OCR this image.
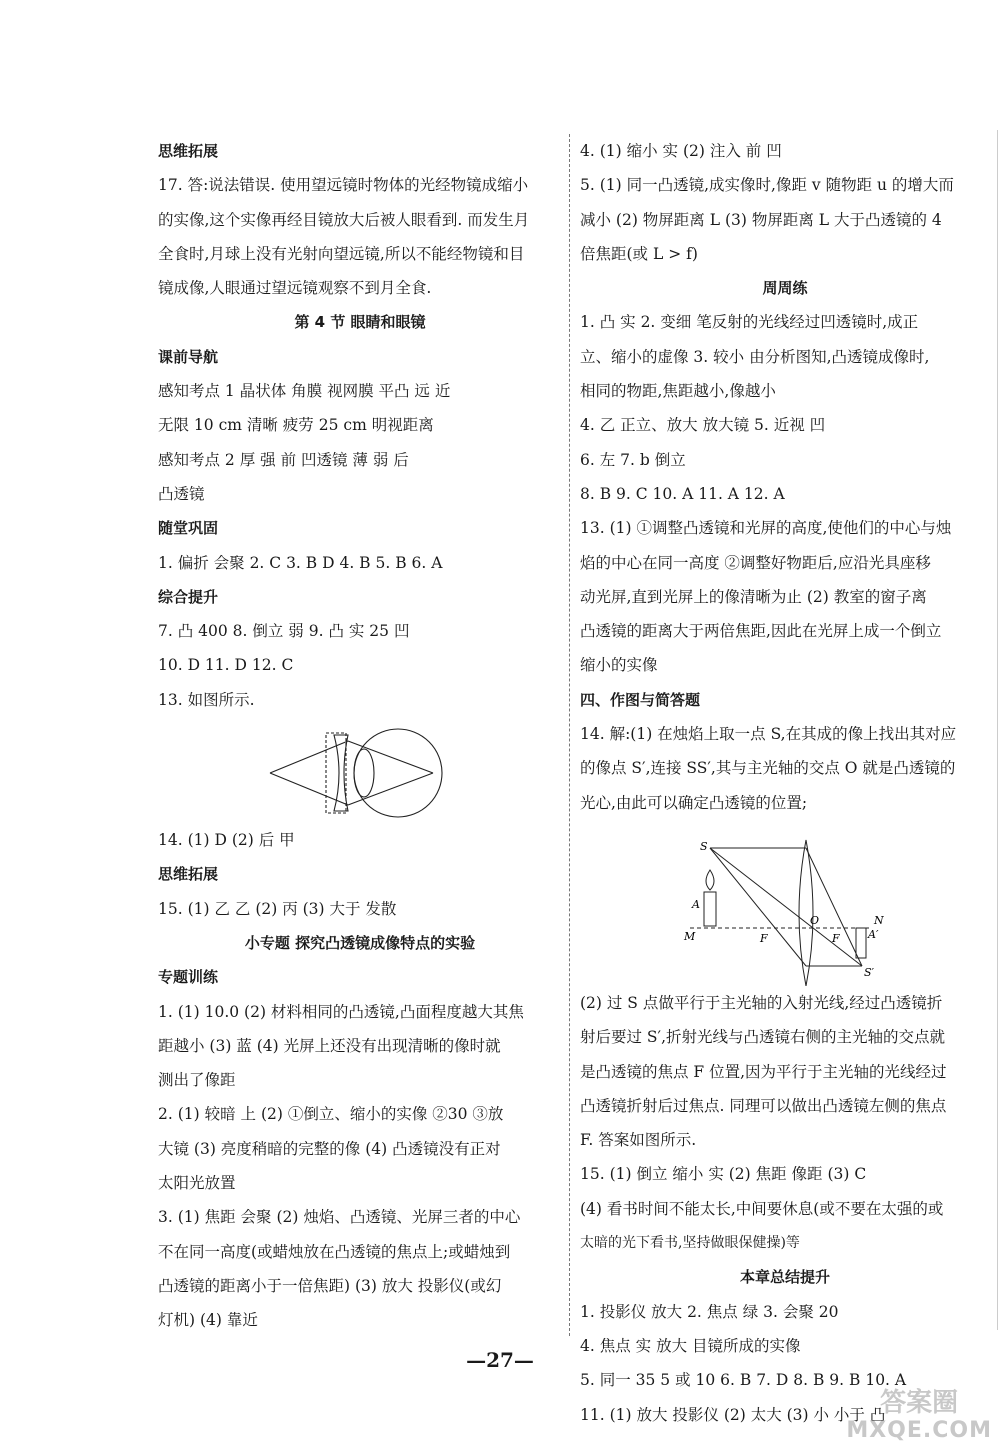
思维拓展
17. 答:说法错误. 使用望远镜时物体的光经物镜成缩小
的实像,这个实像再经目镜放大后被人眼看到. 而发生月
全食时,月球上没有光射向望远镜,所以不能经物镜和目
镜成像,人眼通过望远镜观察不到月全食.
第 4 节 眼睛和眼镜
课前导航
感知考点 1 晶状体 角膜 视网膜 平凸 远 近
无限 10 cm 清晰 疲劳 25 cm 明视距离
感知考点 2 厚 强 前 凹透镜 薄 弱 后
凸透镜
随堂巩固
1. 偏折 会聚 2. C 3. B D 4. B 5. B 6. A
综合提升
7. 凸 400 8. 倒立 弱 9. 凸 实 25 凹
10. D 11. D 12. C
13. 如图所示.
14. (1) D (2) 后 甲
思维拓展
15. (1) 乙 乙 (2) 丙 (3) 大于 发散
小专题 探究凸透镜成像特点的实验
专题训练
1. (1) 10.0 (2) 材料相同的凸透镜,凸面程度越大其焦
距越小 (3) 蓝 (4) 光屏上还没有出现清晰的像时就
测出了像距
2. (1) 较暗 上 (2) ①倒立、缩小的实像 ②30 ③放
大镜 (3) 亮度稍暗的完整的像 (4) 凸透镜没有正对
太阳光放置
3. (1) 焦距 会聚 (2) 烛焰、凸透镜、光屏三者的中心
不在同一高度(或蜡烛放在凸透镜的焦点上;或蜡烛到
凸透镜的距离小于一倍焦距) (3) 放大 投影仪(或幻
灯机) (4) 靠近
4. (1) 缩小 实 (2) 注入 前 凹
5. (1) 同一凸透镜,成实像时,像距 v 随物距 u 的增大而
减小 (2) 物屏距离 L (3) 物屏距离 L 大于凸透镜的 4
倍焦距(或 L > f)
周周练
1. 凸 实 2. 变细 笔反射的光线经过凹透镜时,成正
立、缩小的虚像 3. 较小 由分析图知,凸透镜成像时,
相同的物距,焦距越小,像越小
4. 乙 正立、放大 放大镜 5. 近视 凹
6. 左 7. b 倒立
8. B 9. C 10. A 11. A 12. A
13. (1) ①调整凸透镜和光屏的高度,使他们的中心与烛
焰的中心在同一高度 ②调整好物距后,应沿光具座移
动光屏,直到光屏上的像清晰为止 (2) 教室的窗子离
凸透镜的距离大于两倍焦距,因此在光屏上成一个倒立
缩小的实像
四、作图与简答题
14. 解:(1) 在烛焰上取一点 S,在其成的像上找出其对应
的像点 S′,连接 SS′,其与主光轴的交点 O 就是凸透镜的
光心,由此可以确定凸透镜的位置;
S
A
M	F
O
F	A′
N
S′
(2) 过 S 点做平行于主光轴的入射光线,经过凸透镜折
射后要过 S′,折射光线与凸透镜右侧的主光轴的交点就
是凸透镜的焦点 F 位置,因为平行于主光轴的光线经过
凸透镜折射后过焦点. 同理可以做出凸透镜左侧的焦点
F. 答案如图所示.
15. (1) 倒立 缩小 实 (2) 焦距 像距 (3) C
(4) 看书时间不能太长,中间要休息(或不要在太强的或
太暗的光下看书,坚持做眼保健操)等
本章总结提升
1. 投影仪 放大 2. 焦点 绿 3. 会聚 20
4. 焦点 实 放大 目镜所成的实像
5. 同一 35 5 或 10 6. B 7. D 8. B 9. B 10. A
11. (1) 放大 投影仪 (2) 太大 (3) 小 小于 凸
—27—
答案圈
MXQE.COM
